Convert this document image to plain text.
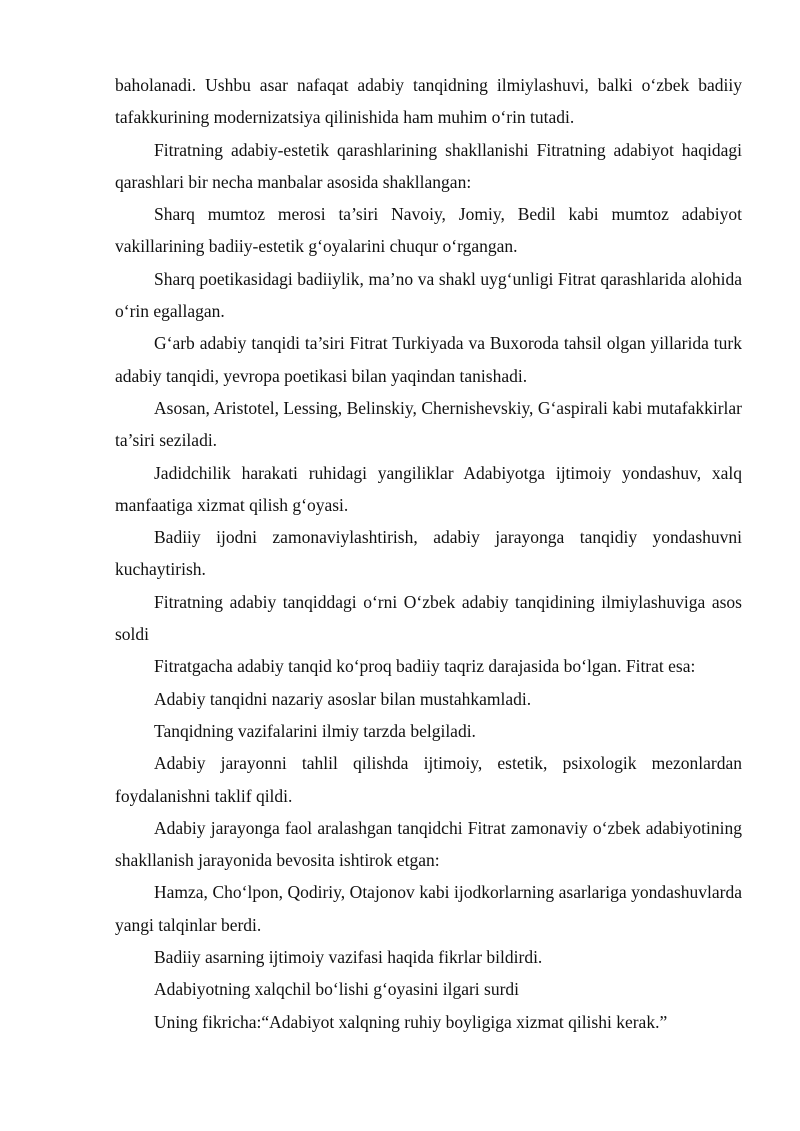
baholanadi. Ushbu asar nafaqat adabiy tanqidning ilmiylashuvi, balki o‘zbek badiiy tafakkurining modernizatsiya qilinishida ham muhim o‘rin tutadi.

Fitratning adabiy-estetik qarashlarining shakllanishi Fitratning adabiyot haqidagi qarashlari bir necha manbalar asosida shakllangan:

Sharq mumtoz merosi ta’siri Navoiy, Jomiy, Bedil kabi mumtoz adabiyot vakillarining badiiy-estetik g‘oyalarini chuqur o‘rgangan.

Sharq poetikasidagi badiiylik, ma’no va shakl uyg‘unligi Fitrat qarashlarida alohida o‘rin egallagan.

G‘arb adabiy tanqidi ta’siri Fitrat Turkiyada va Buxoroda tahsil olgan yillarida turk adabiy tanqidi, yevropa poetikasi bilan yaqindan tanishadi.

Asosan, Aristotel, Lessing, Belinskiy, Chernishevskiy, G‘aspirali kabi mutafakkirlar ta’siri seziladi.

Jadidchilik harakati ruhidagi yangiliklar Adabiyotga ijtimoiy yondashuv, xalq manfaatiga xizmat qilish g‘oyasi.

Badiiy ijodni zamonaviylashtirish, adabiy jarayonga tanqidiy yondashuvni kuchaytirish.

Fitratning adabiy tanqiddagi o‘rni O‘zbek adabiy tanqidining ilmiylashuviga asos soldi

Fitratgacha adabiy tanqid ko‘proq badiiy taqriz darajasida bo‘lgan. Fitrat esa:

Adabiy tanqidni nazariy asoslar bilan mustahkamladi.

Tanqidning vazifalarini ilmiy tarzda belgiladi.

Adabiy jarayonni tahlil qilishda ijtimoiy, estetik, psixologik mezonlardan foydalanishni taklif qildi.

Adabiy jarayonga faol aralashgan tanqidchi Fitrat zamonaviy o‘zbek adabiyotining shakllanish jarayonida bevosita ishtirok etgan:

Hamza, Cho‘lpon, Qodiriy, Otajonov kabi ijodkorlarning asarlariga yondashuvlarda yangi talqinlar berdi.

Badiiy asarning ijtimoiy vazifasi haqida fikrlar bildirdi.

Adabiyotning xalqchil bo‘lishi g‘oyasini ilgari surdi

Uning fikricha:“Adabiyot xalqning ruhiy boyligiga xizmat qilishi kerak.”
